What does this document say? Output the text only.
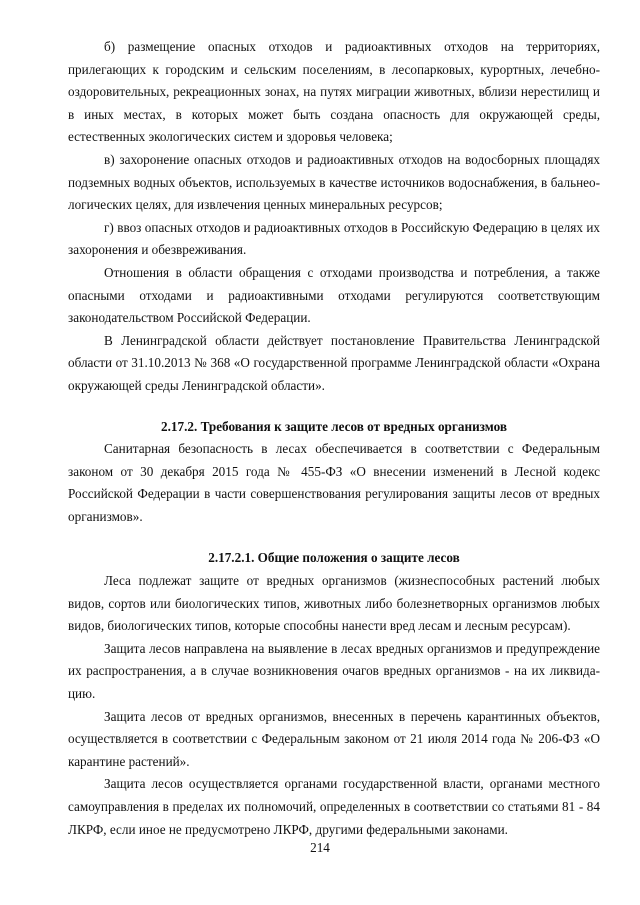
б) размещение опасных отходов и радиоактивных отходов на территориях, прилегающих к городским и сельским поселениям, в лесопарковых, курортных, лечебно-оздоровительных, рекреационных зонах, на путях миграции животных, вблизи нерестилищ и в иных местах, в которых может быть создана опасность для окружающей среды, естественных экологических систем и здоровья человека;

в) захоронение опасных отходов и радиоактивных отходов на водосборных площадях подземных водных объектов, используемых в качестве источников водоснабжения, в бальнеологических целях, для извлечения ценных минеральных ресурсов;

г) ввоз опасных отходов и радиоактивных отходов в Российскую Федерацию в целях их захоронения и обезвреживания.

Отношения в области обращения с отходами производства и потребления, а также опасными отходами и радиоактивными отходами регулируются соответствующим законодательством Российской Федерации.

В Ленинградской области действует постановление Правительства Ленинградской области от 31.10.2013 № 368 «О государственной программе Ленинградской области «Охрана окружающей среды Ленинградской области».

2.17.2. Требования к защите лесов от вредных организмов

Санитарная безопасность в лесах обеспечивается в соответствии с Федеральным законом от 30 декабря 2015 года № 455-ФЗ «О внесении изменений в Лесной кодекс Российской Федерации в части совершенствования регулирования защиты лесов от вредных организмов».

2.17.2.1. Общие положения о защите лесов

Леса подлежат защите от вредных организмов (жизнеспособных растений любых видов, сортов или биологических типов, животных либо болезнетворных организмов любых видов, биологических типов, которые способны нанести вред лесам и лесным ресурсам).

Защита лесов направлена на выявление в лесах вредных организмов и предупреждение их распространения, а в случае возникновения очагов вредных организмов - на их ликвидацию.

Защита лесов от вредных организмов, внесенных в перечень карантинных объектов, осуществляется в соответствии с Федеральным законом от 21 июля 2014 года № 206-ФЗ «О карантине растений».

Защита лесов осуществляется органами государственной власти, органами местного самоуправления в пределах их полномочий, определенных в соответствии со статьями 81 - 84 ЛКРФ, если иное не предусмотрено ЛКРФ, другими федеральными законами.

214
